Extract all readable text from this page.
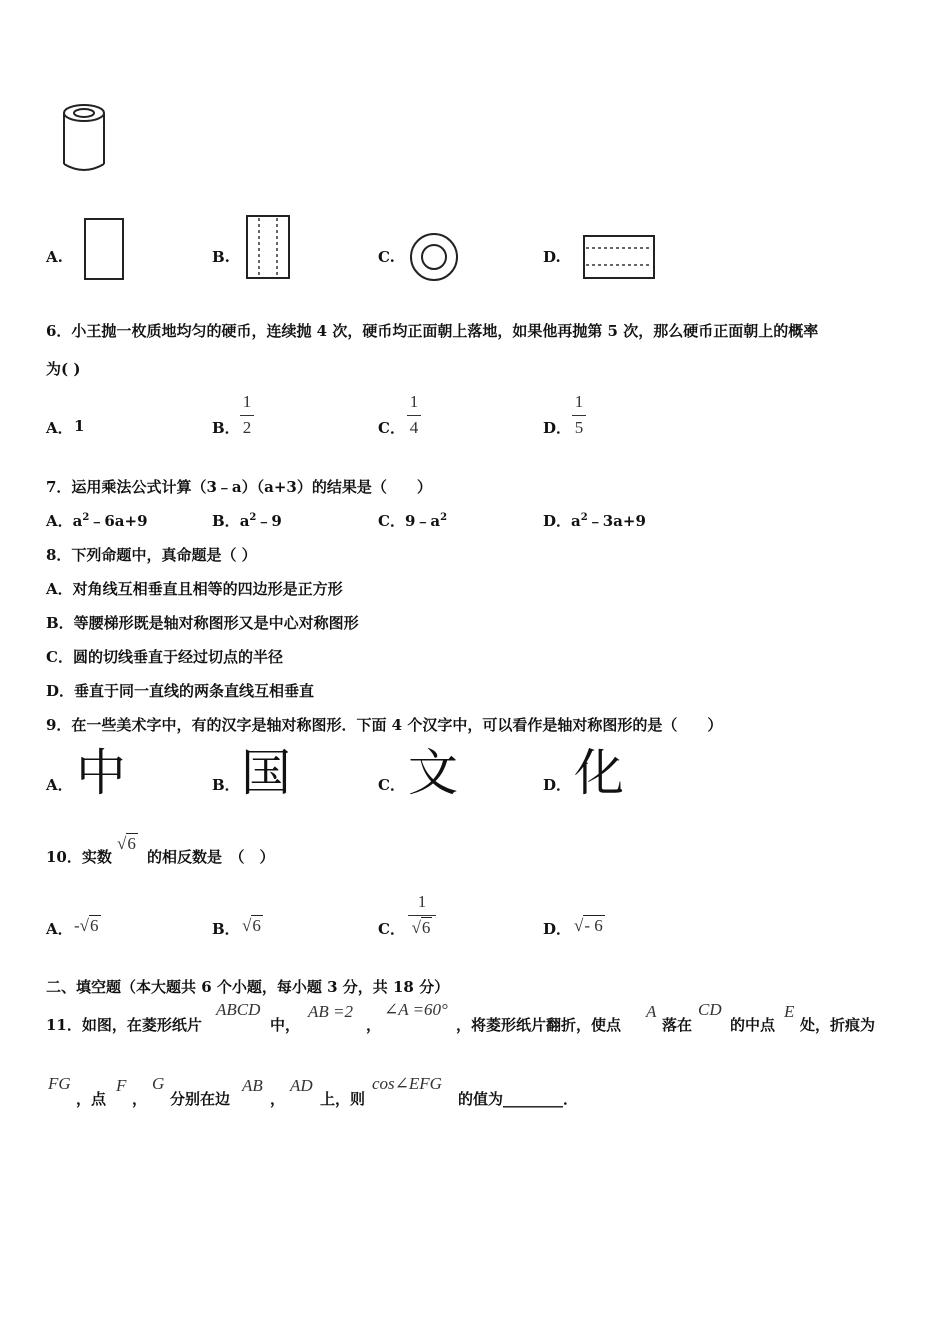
A.	B.	C.	D.
6．小王抛一枚质地均匀的硬币，连续抛 4 次，硬币均正面朝上落地，如果他再抛第 5 次，那么硬币正面朝上的概率
为( )
A． 1	B．
1
2	C．
1
4	D．
1
5
7．运用乘法公式计算（3﹣a）（a+3）的结果是（　　）
A．$a^2﹣6a+9$	B．$a^2﹣9$	C．$9﹣a^2$	D．$a^2﹣3a+9$
8．下列命题中，真命题是（ ）
A．对角线互相垂直且相等的四边形是正方形
B．等腰梯形既是轴对称图形又是中心对称图形
C．圆的切线垂直于经过切点的半径
D．垂直于同一直线的两条直线互相垂直
9．在一些美术字中，有的汉字是轴对称图形．下面 4 个汉字中，可以看作是轴对称图形的是（　　）
A． 中	B． 国	C． 文	D． 化
10．实数
√6
的相反数是　（　）
A． -√6	B． √6	C．
1
√6	D． √- 6
二、填空题（本大题共 6 个小题，每小题 3 分，共 18 分）
11．如图，在菱形纸片
ABCD
中，
AB =2
，
∠A =60°
，将菱形纸片翻折，使点
A
落在
CD
的中点
E
处，折痕为
FG
，点
F
，
G
分别在边
AB
，
AD
上，则
cos∠EFG
的值为________．
